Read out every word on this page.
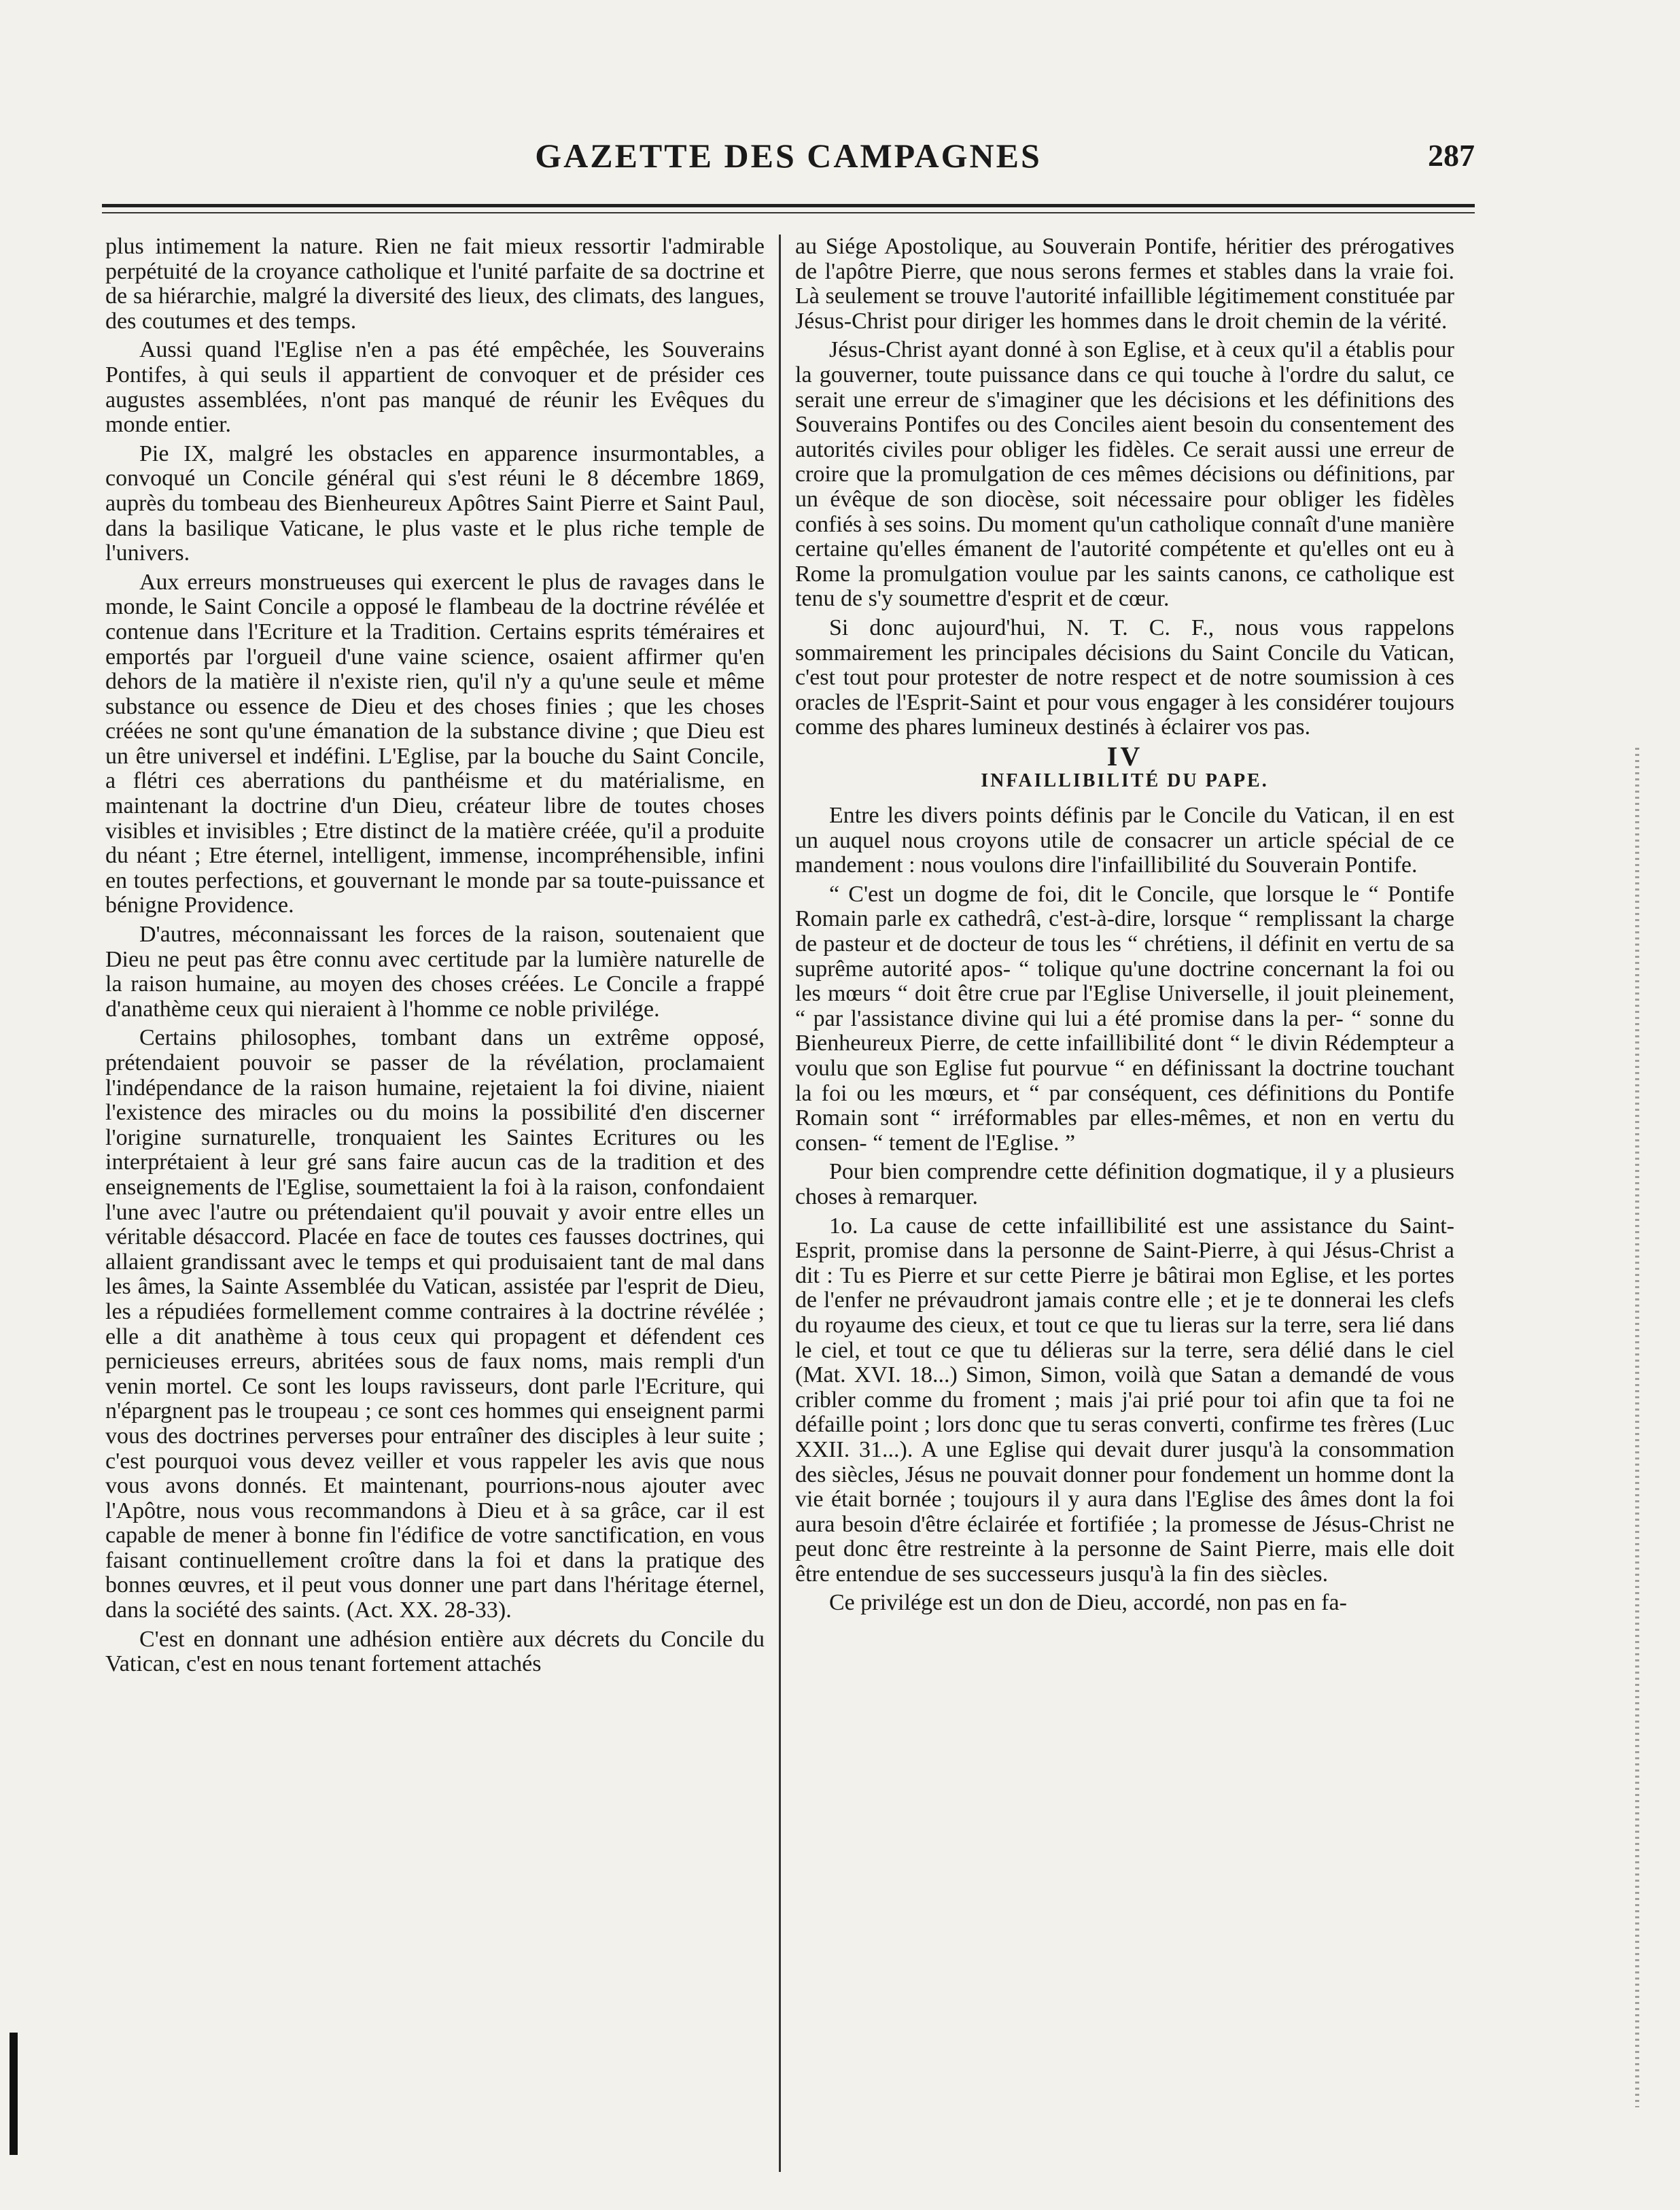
GAZETTE DES CAMPAGNES	287

plus intimement la nature. Rien ne fait mieux ressortir l'admirable perpétuité de la croyance catholique et l'unité parfaite de sa doctrine et de sa hiérarchie, malgré la diversité des lieux, des climats, des langues, des coutumes et des temps.

Aussi quand l'Eglise n'en a pas été empêchée, les Souverains Pontifes, à qui seuls il appartient de convoquer et de présider ces augustes assemblées, n'ont pas manqué de réunir les Evêques du monde entier.

Pie IX, malgré les obstacles en apparence insurmontables, a convoqué un Concile général qui s'est réuni le 8 décembre 1869, auprès du tombeau des Bienheureux Apôtres Saint Pierre et Saint Paul, dans la basilique Vaticane, le plus vaste et le plus riche temple de l'univers.

Aux erreurs monstrueuses qui exercent le plus de ravages dans le monde, le Saint Concile a opposé le flambeau de la doctrine révélée et contenue dans l'Ecriture et la Tradition. Certains esprits téméraires et emportés par l'orgueil d'une vaine science, osaient affirmer qu'en dehors de la matière il n'existe rien, qu'il n'y a qu'une seule et même substance ou essence de Dieu et des choses finies ; que les choses créées ne sont qu'une émanation de la substance divine ; que Dieu est un être universel et indéfini. L'Eglise, par la bouche du Saint Concile, a flétri ces aberrations du panthéisme et du matérialisme, en maintenant la doctrine d'un Dieu, créateur libre de toutes choses visibles et invisibles ; Etre distinct de la matière créée, qu'il a produite du néant ; Etre éternel, intelligent, immense, incompréhensible, infini en toutes perfections, et gouvernant le monde par sa toute-puissance et bénigne Providence.

D'autres, méconnaissant les forces de la raison, soutenaient que Dieu ne peut pas être connu avec certitude par la lumière naturelle de la raison humaine, au moyen des choses créées. Le Concile a frappé d'anathème ceux qui nieraient à l'homme ce noble privilége.

Certains philosophes, tombant dans un extrême opposé, prétendaient pouvoir se passer de la révélation, proclamaient l'indépendance de la raison humaine, rejetaient la foi divine, niaient l'existence des miracles ou du moins la possibilité d'en discerner l'origine surnaturelle, tronquaient les Saintes Ecritures ou les interprétaient à leur gré sans faire aucun cas de la tradition et des enseignements de l'Eglise, soumettaient la foi à la raison, confondaient l'une avec l'autre ou prétendaient qu'il pouvait y avoir entre elles un véritable désaccord. Placée en face de toutes ces fausses doctrines, qui allaient grandissant avec le temps et qui produisaient tant de mal dans les âmes, la Sainte Assemblée du Vatican, assistée par l'esprit de Dieu, les a répudiées formellement comme contraires à la doctrine révélée ; elle a dit anathème à tous ceux qui propagent et défendent ces pernicieuses erreurs, abritées sous de faux noms, mais rempli d'un venin mortel. Ce sont les loups ravisseurs, dont parle l'Ecriture, qui n'épargnent pas le troupeau ; ce sont ces hommes qui enseignent parmi vous des doctrines perverses pour entraîner des disciples à leur suite ; c'est pourquoi vous devez veiller et vous rappeler les avis que nous vous avons donnés. Et maintenant, pourrions-nous ajouter avec l'Apôtre, nous vous recommandons à Dieu et à sa grâce, car il est capable de mener à bonne fin l'édifice de votre sanctification, en vous faisant continuellement croître dans la foi et dans la pratique des bonnes œuvres, et il peut vous donner une part dans l'héritage éternel, dans la société des saints. (Act. XX. 28-33).

C'est en donnant une adhésion entière aux décrets du Concile du Vatican, c'est en nous tenant fortement attachés

au Siége Apostolique, au Souverain Pontife, héritier des prérogatives de l'apôtre Pierre, que nous serons fermes et stables dans la vraie foi. Là seulement se trouve l'autorité infaillible légitimement constituée par Jésus-Christ pour diriger les hommes dans le droit chemin de la vérité.

Jésus-Christ ayant donné à son Eglise, et à ceux qu'il a établis pour la gouverner, toute puissance dans ce qui touche à l'ordre du salut, ce serait une erreur de s'imaginer que les décisions et les définitions des Souverains Pontifes ou des Conciles aient besoin du consentement des autorités civiles pour obliger les fidèles. Ce serait aussi une erreur de croire que la promulgation de ces mêmes décisions ou définitions, par un évêque de son diocèse, soit nécessaire pour obliger les fidèles confiés à ses soins. Du moment qu'un catholique connaît d'une manière certaine qu'elles émanent de l'autorité compétente et qu'elles ont eu à Rome la promulgation voulue par les saints canons, ce catholique est tenu de s'y soumettre d'esprit et de cœur.

Si donc aujourd'hui, N. T. C. F., nous vous rappelons sommairement les principales décisions du Saint Concile du Vatican, c'est tout pour protester de notre respect et de notre soumission à ces oracles de l'Esprit-Saint et pour vous engager à les considérer toujours comme des phares lumineux destinés à éclairer vos pas.

IV
INFAILLIBILITÉ DU PAPE.

Entre les divers points définis par le Concile du Vatican, il en est un auquel nous croyons utile de consacrer un article spécial de ce mandement : nous voulons dire l'infaillibilité du Souverain Pontife.

“ C'est un dogme de foi, dit le Concile, que lorsque le “ Pontife Romain parle ex cathedrâ, c'est-à-dire, lorsque “ remplissant la charge de pasteur et de docteur de tous les “ chrétiens, il définit en vertu de sa suprême autorité apos- “ tolique qu'une doctrine concernant la foi ou les mœurs “ doit être crue par l'Eglise Universelle, il jouit pleinement, “ par l'assistance divine qui lui a été promise dans la per- “ sonne du Bienheureux Pierre, de cette infaillibilité dont “ le divin Rédempteur a voulu que son Eglise fut pourvue “ en définissant la doctrine touchant la foi ou les mœurs, et “ par conséquent, ces définitions du Pontife Romain sont “ irréformables par elles-mêmes, et non en vertu du consen- “ tement de l'Eglise. ”

Pour bien comprendre cette définition dogmatique, il y a plusieurs choses à remarquer.

1o. La cause de cette infaillibilité est une assistance du Saint-Esprit, promise dans la personne de Saint-Pierre, à qui Jésus-Christ a dit : Tu es Pierre et sur cette Pierre je bâtirai mon Eglise, et les portes de l'enfer ne prévaudront jamais contre elle ; et je te donnerai les clefs du royaume des cieux, et tout ce que tu lieras sur la terre, sera lié dans le ciel, et tout ce que tu délieras sur la terre, sera délié dans le ciel (Mat. XVI. 18...) Simon, Simon, voilà que Satan a demandé de vous cribler comme du froment ; mais j'ai prié pour toi afin que ta foi ne défaille point ; lors donc que tu seras converti, confirme tes frères (Luc XXII. 31...). A une Eglise qui devait durer jusqu'à la consommation des siècles, Jésus ne pouvait donner pour fondement un homme dont la vie était bornée ; toujours il y aura dans l'Eglise des âmes dont la foi aura besoin d'être éclairée et fortifiée ; la promesse de Jésus-Christ ne peut donc être restreinte à la personne de Saint Pierre, mais elle doit être entendue de ses successeurs jusqu'à la fin des siècles.

Ce privilége est un don de Dieu, accordé, non pas en fa-
